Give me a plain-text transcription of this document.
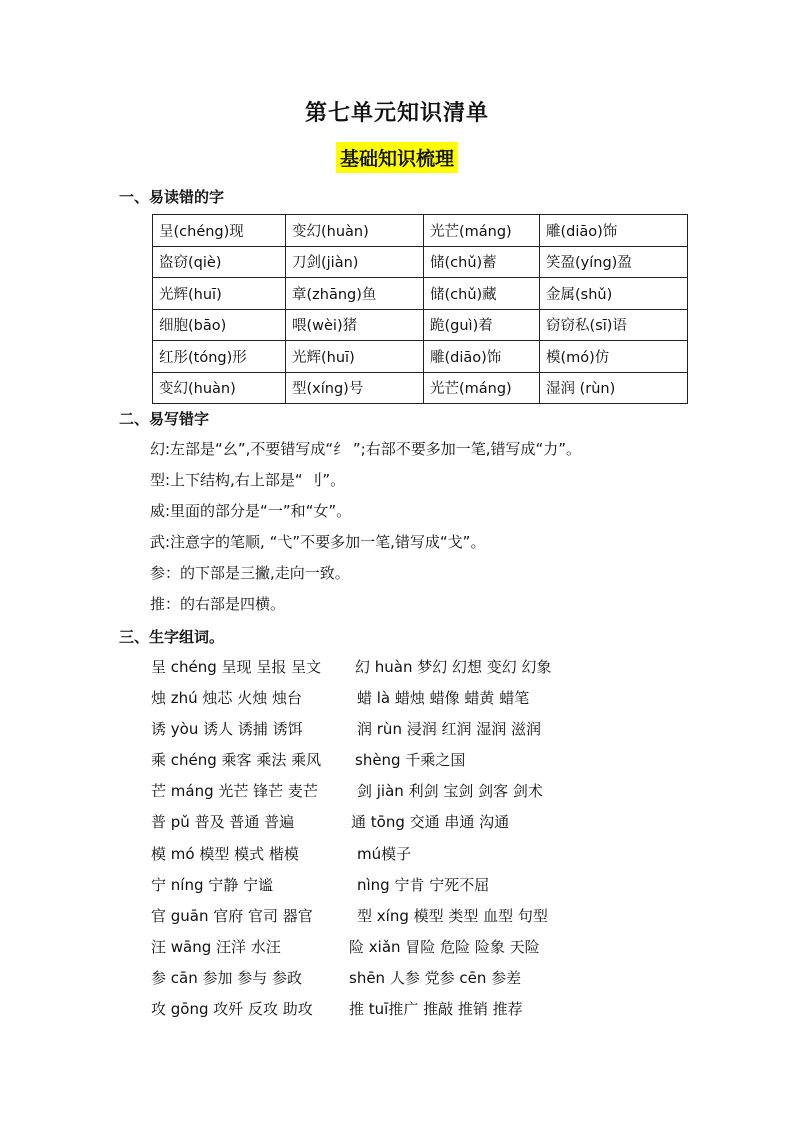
第七单元知识清单
基础知识梳理
一、易读错的字
呈(chéng)现	变幻(huàn)	光芒(máng)	雕(diāo)饰
盗窃(qiè)	刀剑(jiàn)	储(chǔ)蓄	笑盈(yíng)盈
光辉(huī)	章(zhāng)鱼	储(chǔ)藏	金属(shǔ)
细胞(bāo)	喂(wèi)猪	跪(guì)着	窃窃私(sī)语
红彤(tóng)形	光辉(huī)	雕(diāo)饰	模(mó)仿
变幻(huàn)	型(xíng)号	光芒(máng)	湿润 (rùn)
二、易写错字
幻:左部是“幺”,不要错写成“纟 ”;右部不要多加一笔,错写成“力”。
型:上下结构,右上部是“ 刂”。
威:里面的部分是“一”和“女”。
武:注意字的笔顺, “弋”不要多加一笔,错写成“戈”。
参：的下部是三撇,走向一致。
推：的右部是四横。
三、生字组词。
呈 chéng 呈现 呈报 呈文 幻 huàn 梦幻 幻想 变幻 幻象
烛 zhú 烛芯 火烛 烛台	蜡 là 蜡烛 蜡像 蜡黄 蜡笔
诱 yòu 诱人 诱捕 诱饵	润 rùn 浸润 红润 湿润 滋润
乘 chéng 乘客 乘法 乘风 shèng 千乘之国
芒 máng 光芒 锋芒 麦芒	剑 jiàn 利剑 宝剑 剑客 剑术
普 pǔ 普及 普通 普遍	通 tōng 交通 串通 沟通
模 mó 模型 模式 楷模	mú模子
宁 níng 宁静 宁谧	nìng 宁肯 宁死不屈
官 guān 官府 官司 器官	型 xíng 模型 类型 血型 句型
汪 wāng 汪洋 水汪	险 xiǎn 冒险 危险 险象 天险
参 cān 参加 参与 参政	shēn 人参 党参 cēn 参差
攻 gōng 攻歼 反攻 助攻 推 tuī推广 推敲 推销 推荐
